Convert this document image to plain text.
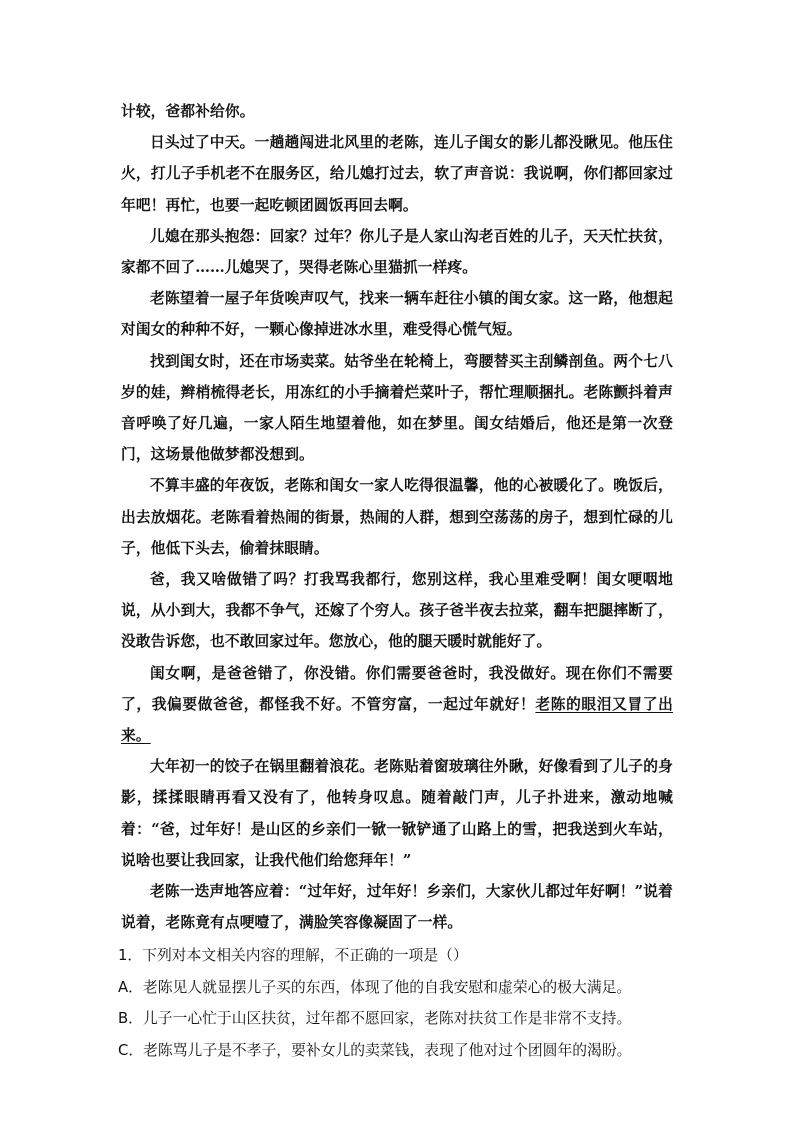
计较，爸都补给你。

日头过了中天。一趟趟闯进北风里的老陈，连儿子闺女的影儿都没瞅见。他压住火，打儿子手机老不在服务区，给儿媳打过去，软了声音说：我说啊，你们都回家过年吧！再忙，也要一起吃顿团圆饭再回去啊。

儿媳在那头抱怨：回家？过年？你儿子是人家山沟老百姓的儿子，天天忙扶贫，家都不回了……儿媳哭了，哭得老陈心里猫抓一样疼。

老陈望着一屋子年货唉声叹气，找来一辆车赶往小镇的闺女家。这一路，他想起对闺女的种种不好，一颗心像掉进冰水里，难受得心慌气短。

找到闺女时，还在市场卖菜。姑爷坐在轮椅上，弯腰替买主刮鳞剖鱼。两个七八岁的娃，辫梢梳得老长，用冻红的小手摘着烂菜叶子，帮忙理顺捆扎。老陈颤抖着声音呼唤了好几遍，一家人陌生地望着他，如在梦里。闺女结婚后，他还是第一次登门，这场景他做梦都没想到。

不算丰盛的年夜饭，老陈和闺女一家人吃得很温馨，他的心被暖化了。晚饭后，出去放烟花。老陈看着热闹的街景，热闹的人群，想到空荡荡的房子，想到忙碌的儿子，他低下头去，偷着抹眼睛。

爸，我又啥做错了吗？打我骂我都行，您别这样，我心里难受啊！闺女哽咽地说，从小到大，我都不争气，还嫁了个穷人。孩子爸半夜去拉菜，翻车把腿摔断了，没敢告诉您，也不敢回家过年。您放心，他的腿天暖时就能好了。

闺女啊，是爸爸错了，你没错。你们需要爸爸时，我没做好。现在你们不需要了，我偏要做爸爸，都怪我不好。不管穷富，一起过年就好！老陈的眼泪又冒了出来。

大年初一的饺子在锅里翻着浪花。老陈贴着窗玻璃往外瞅，好像看到了儿子的身影，揉揉眼睛再看又没有了，他转身叹息。随着敲门声，儿子扑进来，激动地喊着：“爸，过年好！是山区的乡亲们一锨一锨铲通了山路上的雪，把我送到火车站，说啥也要让我回家，让我代他们给您拜年！”

老陈一迭声地答应着：“过年好，过年好！乡亲们，大家伙儿都过年好啊！”说着说着，老陈竟有点哽噎了，满脸笑容像凝固了一样。

1．下列对本文相关内容的理解，不正确的一项是（）

A．老陈见人就显摆儿子买的东西，体现了他的自我安慰和虚荣心的极大满足。

B．儿子一心忙于山区扶贫，过年都不愿回家，老陈对扶贫工作是非常不支持。

C．老陈骂儿子是不孝子，要补女儿的卖菜钱，表现了他对过个团圆年的渴盼。
